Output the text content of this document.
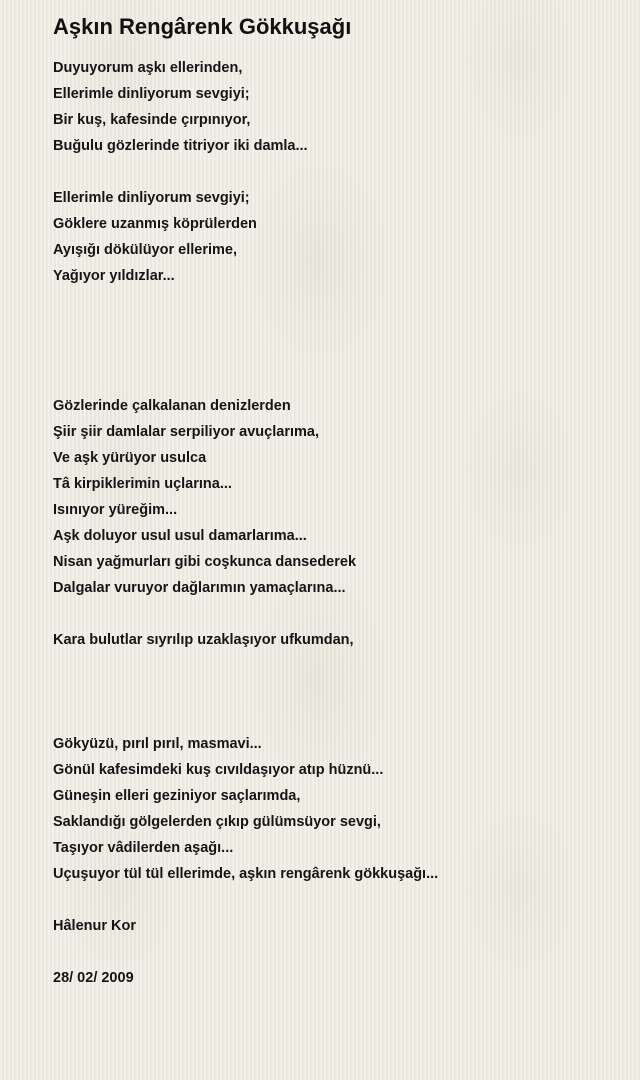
Aşkın Rengârenk Gökkuşağı
Duyuyorum aşkı ellerinden,
Ellerimle dinliyorum sevgiyi;
Bir kuş, kafesinde çırpınıyor,
Buğulu gözlerinde titriyor iki damla...
Ellerimle dinliyorum sevgiyi;
Göklere uzanmış köprülerden
Ayışığı dökülüyor ellerime,
Yağıyor yıldızlar...
Gözlerinde çalkalanan denizlerden
Şiir şiir damlalar serpiliyor avuçlarıma,
Ve aşk yürüyor usulca
Tâ kirpiklerimin uçlarına...
Isınıyor yüreğim...
Aşk doluyor usul usul damarlarıma...
Nisan yağmurları gibi coşkunca dansederek
Dalgalar vuruyor dağlarımın yamaçlarına...
Kara bulutlar sıyrılıp uzaklaşıyor ufkumdan,
Gökyüzü, pırıl pırıl, masmavi...
Gönül kafesimdeki kuş cıvıldaşıyor atıp hüznü...
Güneşin elleri geziniyor saçlarımda,
Saklandığı gölgelerden çıkıp gülümsüyor sevgi,
Taşıyor vâdilerden aşağı...
Uçuşuyor tül tül ellerimde, aşkın rengârenk gökkuşağı...
Hâlenur Kor
28/ 02/ 2009
